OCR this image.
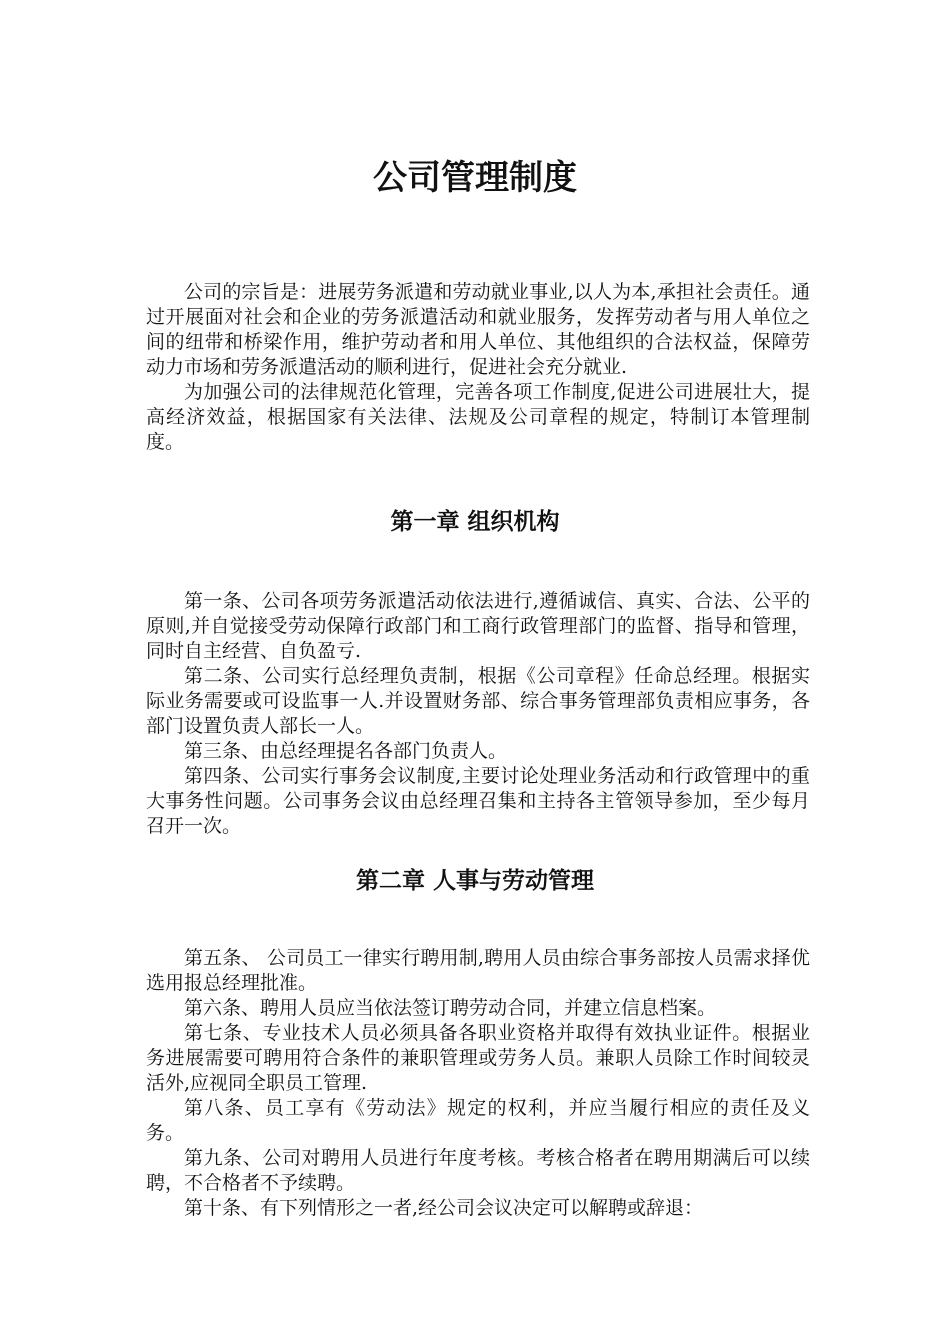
公司管理制度

公司的宗旨是：进展劳务派遣和劳动就业事业,以人为本,承担社会责任。通过开展面对社会和企业的劳务派遣活动和就业服务，发挥劳动者与用人单位之间的纽带和桥梁作用，维护劳动者和用人单位、其他组织的合法权益，保障劳动力市场和劳务派遣活动的顺利进行，促进社会充分就业.

为加强公司的法律规范化管理，完善各项工作制度,促进公司进展壮大，提高经济效益，根据国家有关法律、法规及公司章程的规定，特制订本管理制度。

第一章 组织机构

第一条、公司各项劳务派遣活动依法进行,遵循诚信、真实、合法、公平的原则,并自觉接受劳动保障行政部门和工商行政管理部门的监督、指导和管理，同时自主经营、自负盈亏.

第二条、公司实行总经理负责制，根据《公司章程》任命总经理。根据实际业务需要或可设监事一人.并设置财务部、综合事务管理部负责相应事务，各部门设置负责人部长一人。

第三条、由总经理提名各部门负责人。

第四条、公司实行事务会议制度,主要讨论处理业务活动和行政管理中的重大事务性问题。公司事务会议由总经理召集和主持各主管领导参加，至少每月召开一次。

第二章 人事与劳动管理

第五条、 公司员工一律实行聘用制,聘用人员由综合事务部按人员需求择优选用报总经理批准。

第六条、聘用人员应当依法签订聘劳动合同，并建立信息档案。

第七条、专业技术人员必须具备各职业资格并取得有效执业证件。根据业务进展需要可聘用符合条件的兼职管理或劳务人员。兼职人员除工作时间较灵活外,应视同全职员工管理.

第八条、员工享有《劳动法》规定的权利，并应当履行相应的责任及义务。

第九条、公司对聘用人员进行年度考核。考核合格者在聘用期满后可以续聘，不合格者不予续聘。

第十条、有下列情形之一者,经公司会议决定可以解聘或辞退：
